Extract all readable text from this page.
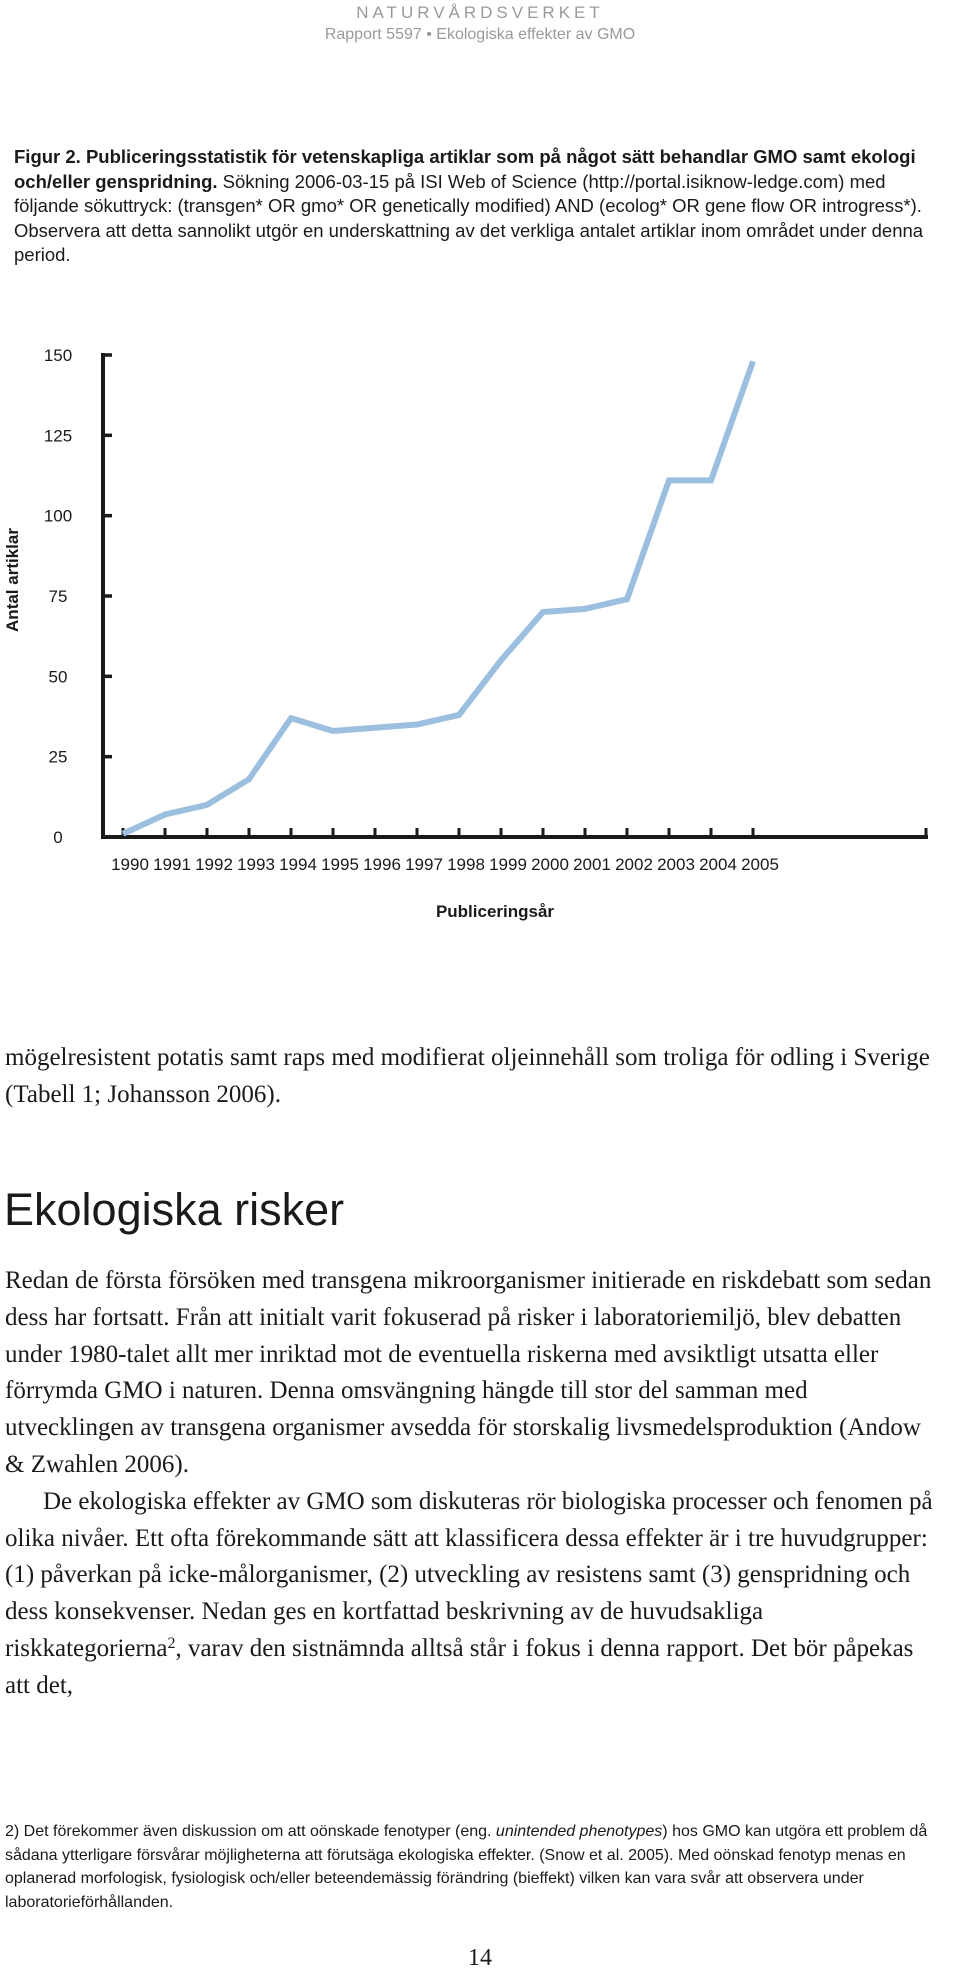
NATURVÅRDSVERKET
Rapport 5597 • Ekologiska effekter av GMO
Figur 2. Publiceringsstatistik för vetenskapliga artiklar som på något sätt behandlar GMO samt ekologi och/eller genspridning. Sökning 2006-03-15 på ISI Web of Science (http://portal.isiknow-ledge.com) med följande sökuttryck: (transgen* OR gmo* OR genetically modified) AND (ecolog* OR gene flow OR introgress*). Observera att detta sannolikt utgör en underskattning av det verkliga antalet artiklar inom området under denna period.
0
25
50
75
100
125
150
1990 1991 1992 1993 1994 1995 1996 1997 1998 1999 2000 2001 2002 2003 2004 2005
Antal artiklar
Publiceringsår
mögelresistent potatis samt raps med modifierat oljeinnehåll som troliga för odling i Sverige (Tabell 1; Johansson 2006).
Ekologiska risker
Redan de första försöken med transgena mikroorganismer initierade en riskdebatt som sedan dess har fortsatt. Från att initialt varit fokuserad på risker i laboratoriemiljö, blev debatten under 1980-talet allt mer inriktad mot de eventuella riskerna med avsiktligt utsatta eller förrymda GMO i naturen. Denna omsvängning hängde till stor del samman med utvecklingen av transgena organismer avsedda för storskalig livsmedelsproduktion (Andow & Zwahlen 2006).
De ekologiska effekter av GMO som diskuteras rör biologiska processer och fenomen på olika nivåer. Ett ofta förekommande sätt att klassificera dessa effekter är i tre huvudgrupper: (1) påverkan på icke-målorganismer, (2) utveckling av resistens samt (3) genspridning och dess konsekvenser. Nedan ges en kortfattad beskrivning av de huvudsakliga riskkategorierna$^2$, varav den sistnämnda alltså står i fokus i denna rapport. Det bör påpekas att det,
2) Det förekommer även diskussion om att oönskade fenotyper (eng. unintended phenotypes) hos GMO kan utgöra ett problem då sådana ytterligare försvårar möjligheterna att förutsäga ekologiska effekter. (Snow et al. 2005). Med oönskad fenotyp menas en oplanerad morfologisk, fysiologisk och/eller beteendemässig förändring (bieffekt) vilken kan vara svår att observera under laboratorieförhållanden.
14
